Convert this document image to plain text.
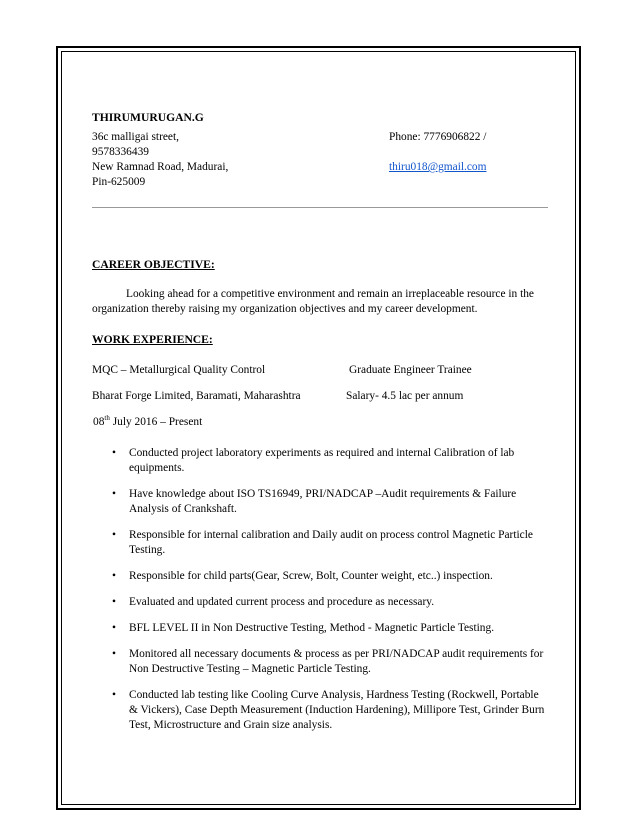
THIRUMURUGAN.G
36c malligai street,	Phone: 7776906822 /
9578336439
New Ramnad Road, Madurai,	thiru018@gmail.com
Pin-625009
CAREER OBJECTIVE:
Looking ahead for a competitive environment and remain an irreplaceable resource in the organization thereby raising my organization objectives and my career development.
WORK EXPERIENCE:
MQC – Metallurgical Quality Control	Graduate Engineer Trainee
Bharat Forge Limited, Baramati, Maharashtra	Salary- 4.5 lac per annum
08th July 2016 – Present
• Conducted project laboratory experiments as required and internal Calibration of lab equipments.
• Have knowledge about ISO TS16949, PRI/NADCAP –Audit requirements & Failure Analysis of Crankshaft.
• Responsible for internal calibration and Daily audit on process control Magnetic Particle Testing.
• Responsible for child parts(Gear, Screw, Bolt, Counter weight, etc..) inspection.
• Evaluated and updated current process and procedure as necessary.
• BFL LEVEL II in Non Destructive Testing, Method - Magnetic Particle Testing.
• Monitored all necessary documents & process as per PRI/NADCAP audit requirements for Non Destructive Testing – Magnetic Particle Testing.
• Conducted lab testing like Cooling Curve Analysis, Hardness Testing (Rockwell, Portable & Vickers), Case Depth Measurement (Induction Hardening), Millipore Test, Grinder Burn Test, Microstructure and Grain size analysis.
